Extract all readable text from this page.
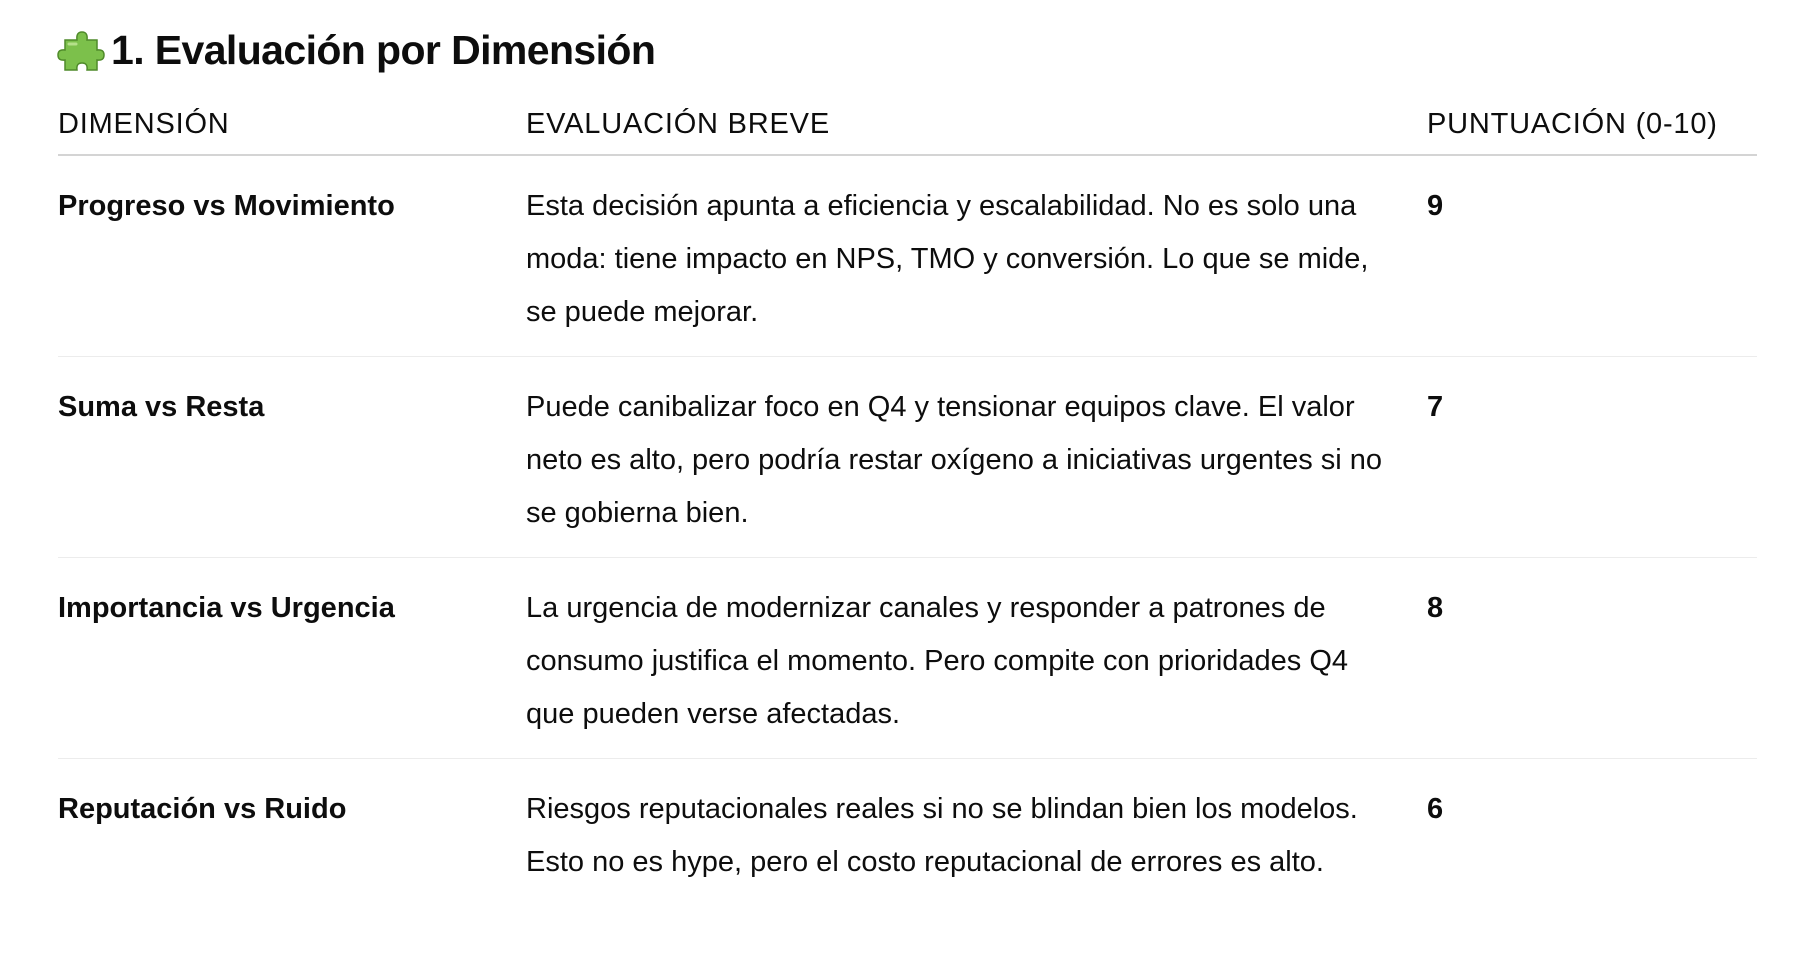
1. Evaluación por Dimensión
DIMENSIÓN	EVALUACIÓN BREVE	PUNTUACIÓN (0-10)
Progreso vs Movimiento	Esta decisión apunta a eficiencia y escalabilidad. No es solo una moda: tiene impacto en NPS, TMO y conversión. Lo que se mide, se puede mejorar.	9
Suma vs Resta	Puede canibalizar foco en Q4 y tensionar equipos clave. El valor neto es alto, pero podría restar oxígeno a iniciativas urgentes si no se gobierna bien.	7
Importancia vs Urgencia	La urgencia de modernizar canales y responder a patrones de consumo justifica el momento. Pero compite con prioridades Q4 que pueden verse afectadas.	8
Reputación vs Ruido	Riesgos reputacionales reales si no se blindan bien los modelos. Esto no es hype, pero el costo reputacional de errores es alto.	6
